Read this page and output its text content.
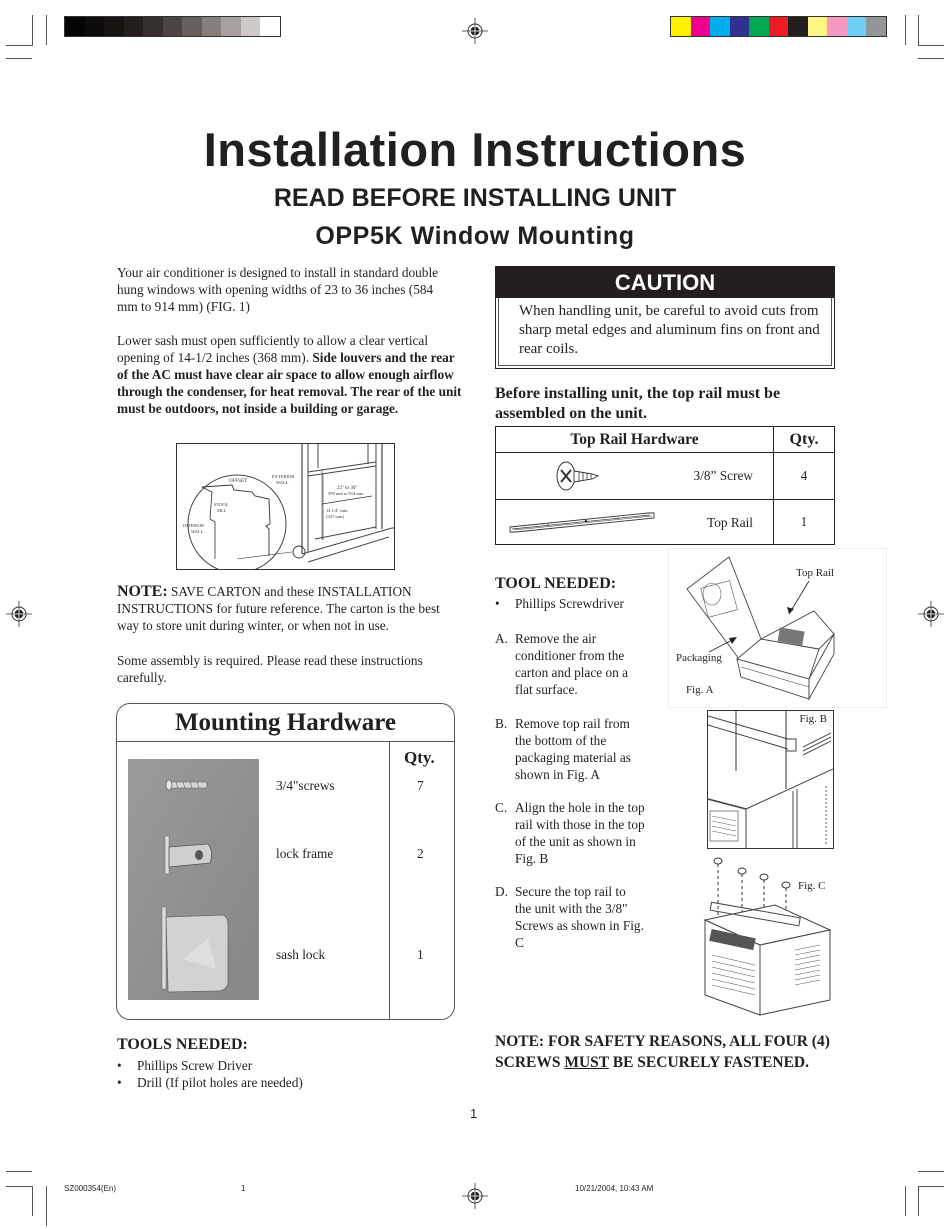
Installation Instructions
READ BEFORE INSTALLING UNIT
OPP5K Window Mounting

Your air conditioner is designed to install in standard double hung windows with opening widths of 23 to 36 inches (584 mm to 914 mm) (FIG. 1)

Lower sash must open sufficiently to allow a clear vertical opening of 14-1/2 inches (368 mm). Side louvers and the rear of the AC must have clear air space to allow enough airflow through the condenser, for heat removal. The rear of the unit must be outdoors, not inside a building or garage.

22" to 36"
559 mm to 914 mm
14 1/4" min.
(337 mm)
OFFSET
EXTERIOR
WALL
STOOL
SILL
INTERIOR
WALL

NOTE: SAVE CARTON and these INSTALLATION INSTRUCTIONS for future reference. The carton is the best way to store unit during winter, or when not in use.

Some assembly is required. Please read these instructions carefully.

Mounting Hardware
Qty.
3/4"screws	7
lock frame	2
sash lock	1
TOOLS NEEDED:
• Phillips Screw Driver
• Drill (If pilot holes are needed)
CAUTION
When handling unit, be careful to avoid cuts from sharp metal edges and aluminum fins on front and rear coils.

Before installing unit, the top rail must be assembled on the unit.

Top Rail Hardware	Qty.

3/8” Screw	4

Top Rail	1
TOOL NEEDED:
• Phillips Screwdriver
A. Remove the air conditioner from the carton and place on a flat surface.
B. Remove top rail from the bottom of the packaging material as shown in Fig. A
C. Align the hole in the top rail with those in the top of the unit as shown in Fig. B
D. Secure the top rail to the unit with the 3/8" Screws as shown in Fig. C
Top Rail
Packaging
Fig. A
Fig. B
Fig. C

NOTE: FOR SAFETY REASONS, ALL FOUR (4) SCREWS MUST BE SECURELY FASTENED.

1
SZ000354(En)	1	10/21/2004, 10:43 AM
